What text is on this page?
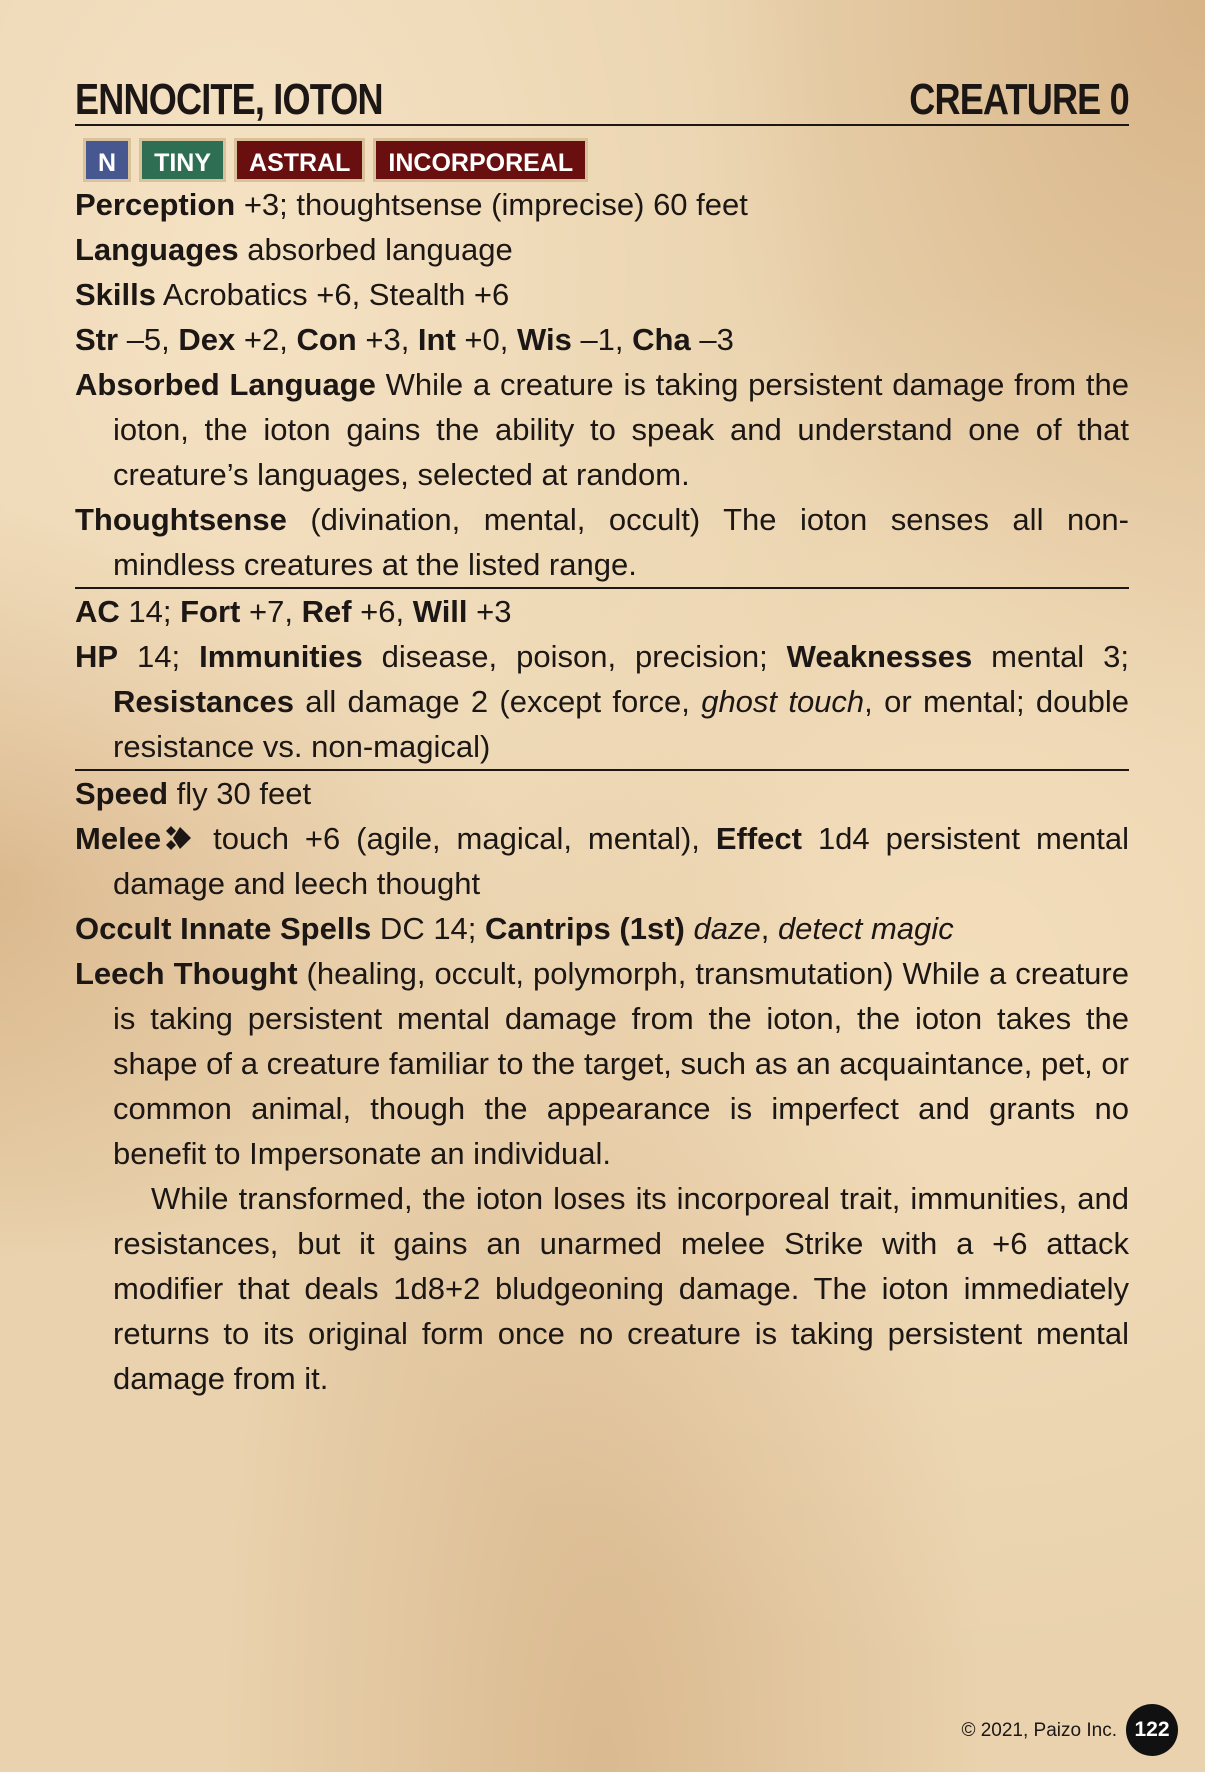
ENNOCITE, IOTON	CREATURE 0
N	TINY	ASTRAL	INCORPOREAL
Perception +3; thoughtsense (imprecise) 60 feet
Languages absorbed language
Skills Acrobatics +6, Stealth +6
Str –5, Dex +2, Con +3, Int +0, Wis –1, Cha –3
Absorbed Language While a creature is taking persistent damage from the ioton, the ioton gains the ability to speak and understand one of that creature’s languages, selected at random.
Thoughtsense (divination, mental, occult) The ioton senses all non-mindless creatures at the listed range.
AC 14; Fort +7, Ref +6, Will +3
HP 14; Immunities disease, poison, precision; Weaknesses mental 3; Resistances all damage 2 (except force, ghost touch, or mental; double resistance vs. non-magical)
Speed fly 30 feet
Melee touch +6 (agile, magical, mental), Effect 1d4 persistent mental damage and leech thought
Occult Innate Spells DC 14; Cantrips (1st) daze, detect magic
Leech Thought (healing, occult, polymorph, transmutation) While a creature is taking persistent mental damage from the ioton, the ioton takes the shape of a creature familiar to the target, such as an acquaintance, pet, or common animal, though the appearance is imperfect and grants no benefit to Impersonate an individual.
While transformed, the ioton loses its incorporeal trait, immunities, and resistances, but it gains an unarmed melee Strike with a +6 attack modifier that deals 1d8+2 bludgeoning damage. The ioton immediately returns to its original form once no creature is taking persistent mental damage from it.
© 2021, Paizo Inc. 122
